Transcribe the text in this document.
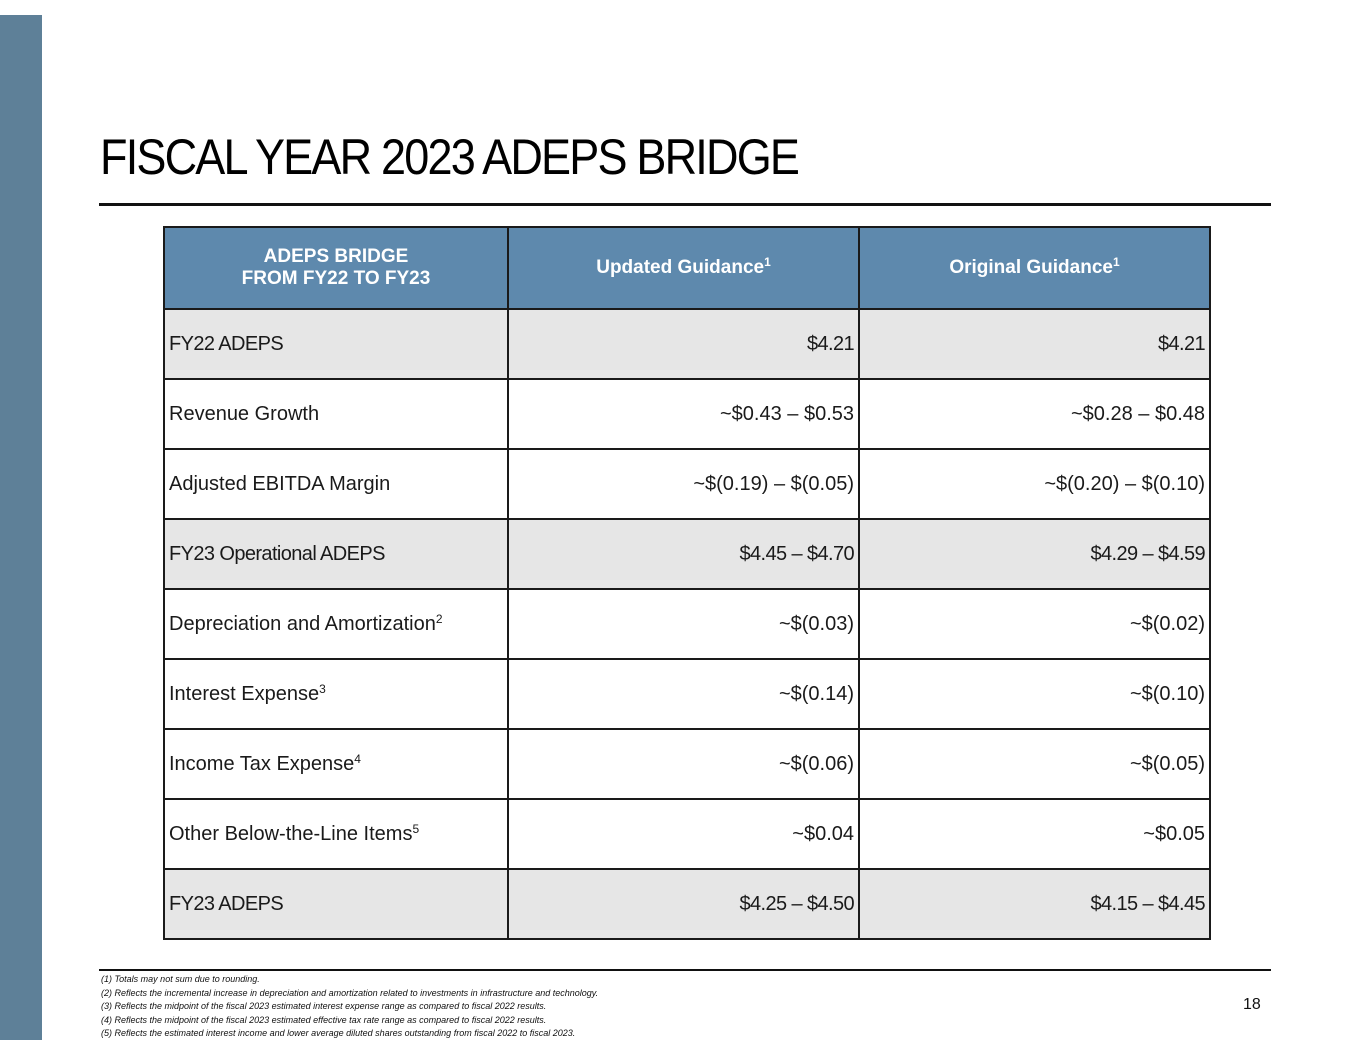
FISCAL YEAR 2023 ADEPS BRIDGE
ADEPS BRIDGE
FROM FY22 TO FY23	Updated Guidance$^1$	Original Guidance$^1$
FY22 ADEPS	$4.21	$4.21
Revenue Growth	~$0.43 – $0.53	~$0.28 – $0.48
Adjusted EBITDA Margin	~$(0.19) – $(0.05)	~$(0.20) – $(0.10)
FY23 Operational ADEPS	$4.45 – $4.70	$4.29 – $4.59
Depreciation and Amortization$^2$	~$(0.03)	~$(0.02)
Interest Expense$^3$	~$(0.14)	~$(0.10)
Income Tax Expense$^4$	~$(0.06)	~$(0.05)
Other Below-the-Line Items$^5$	~$0.04	~$0.05
FY23 ADEPS	$4.25 – $4.50	$4.15 – $4.45
(1) Totals may not sum due to rounding.
(2) Reflects the incremental increase in depreciation and amortization related to investments in infrastructure and technology.
(3) Reflects the midpoint of the fiscal 2023 estimated interest expense range as compared to fiscal 2022 results.
(4) Reflects the midpoint of the fiscal 2023 estimated effective tax rate range as compared to fiscal 2022 results.
(5) Reflects the estimated interest income and lower average diluted shares outstanding from fiscal 2022 to fiscal 2023.
18
